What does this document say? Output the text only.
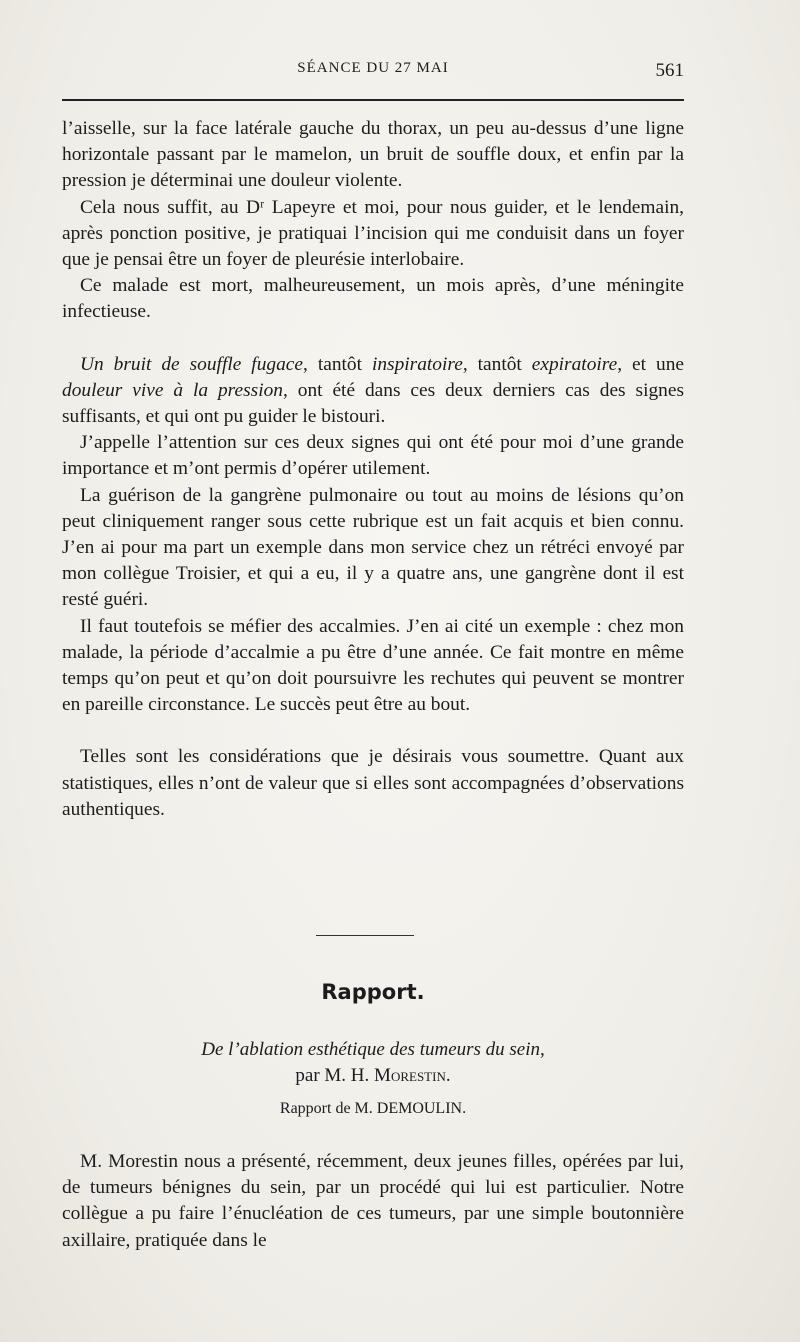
SÉANCE DU 27 MAI	561

l’aisselle, sur la face latérale gauche du thorax, un peu au-dessus d’une ligne horizontale passant par le mamelon, un bruit de souffle doux, et enfin par la pression je déterminai une douleur violente.

Cela nous suffit, au Dʳ Lapeyre et moi, pour nous guider, et le lendemain, après ponction positive, je pratiquai l’incision qui me conduisit dans un foyer que je pensai être un foyer de pleurésie interlobaire.

Ce malade est mort, malheureusement, un mois après, d’une méningite infectieuse.

Un bruit de souffle fugace, tantôt inspiratoire, tantôt expiratoire, et une douleur vive à la pression, ont été dans ces deux derniers cas des signes suffisants, et qui ont pu guider le bistouri.

J’appelle l’attention sur ces deux signes qui ont été pour moi d’une grande importance et m’ont permis d’opérer utilement.

La guérison de la gangrène pulmonaire ou tout au moins de lésions qu’on peut cliniquement ranger sous cette rubrique est un fait acquis et bien connu. J’en ai pour ma part un exemple dans mon service chez un rétréci envoyé par mon collègue Troisier, et qui a eu, il y a quatre ans, une gangrène dont il est resté guéri.

Il faut toutefois se méfier des accalmies. J’en ai cité un exemple : chez mon malade, la période d’accalmie a pu être d’une année. Ce fait montre en même temps qu’on peut et qu’on doit poursuivre les rechutes qui peuvent se montrer en pareille circonstance. Le succès peut être au bout.

Telles sont les considérations que je désirais vous soumettre. Quant aux statistiques, elles n’ont de valeur que si elles sont accompagnées d’observations authentiques.

Rapport.
De l’ablation esthétique des tumeurs du sein,
par M. H. Morestin.
Rapport de M. DEMOULIN.

M. Morestin nous a présenté, récemment, deux jeunes filles, opérées par lui, de tumeurs bénignes du sein, par un procédé qui lui est particulier. Notre collègue a pu faire l’énucléation de ces tumeurs, par une simple boutonnière axillaire, pratiquée dans le
